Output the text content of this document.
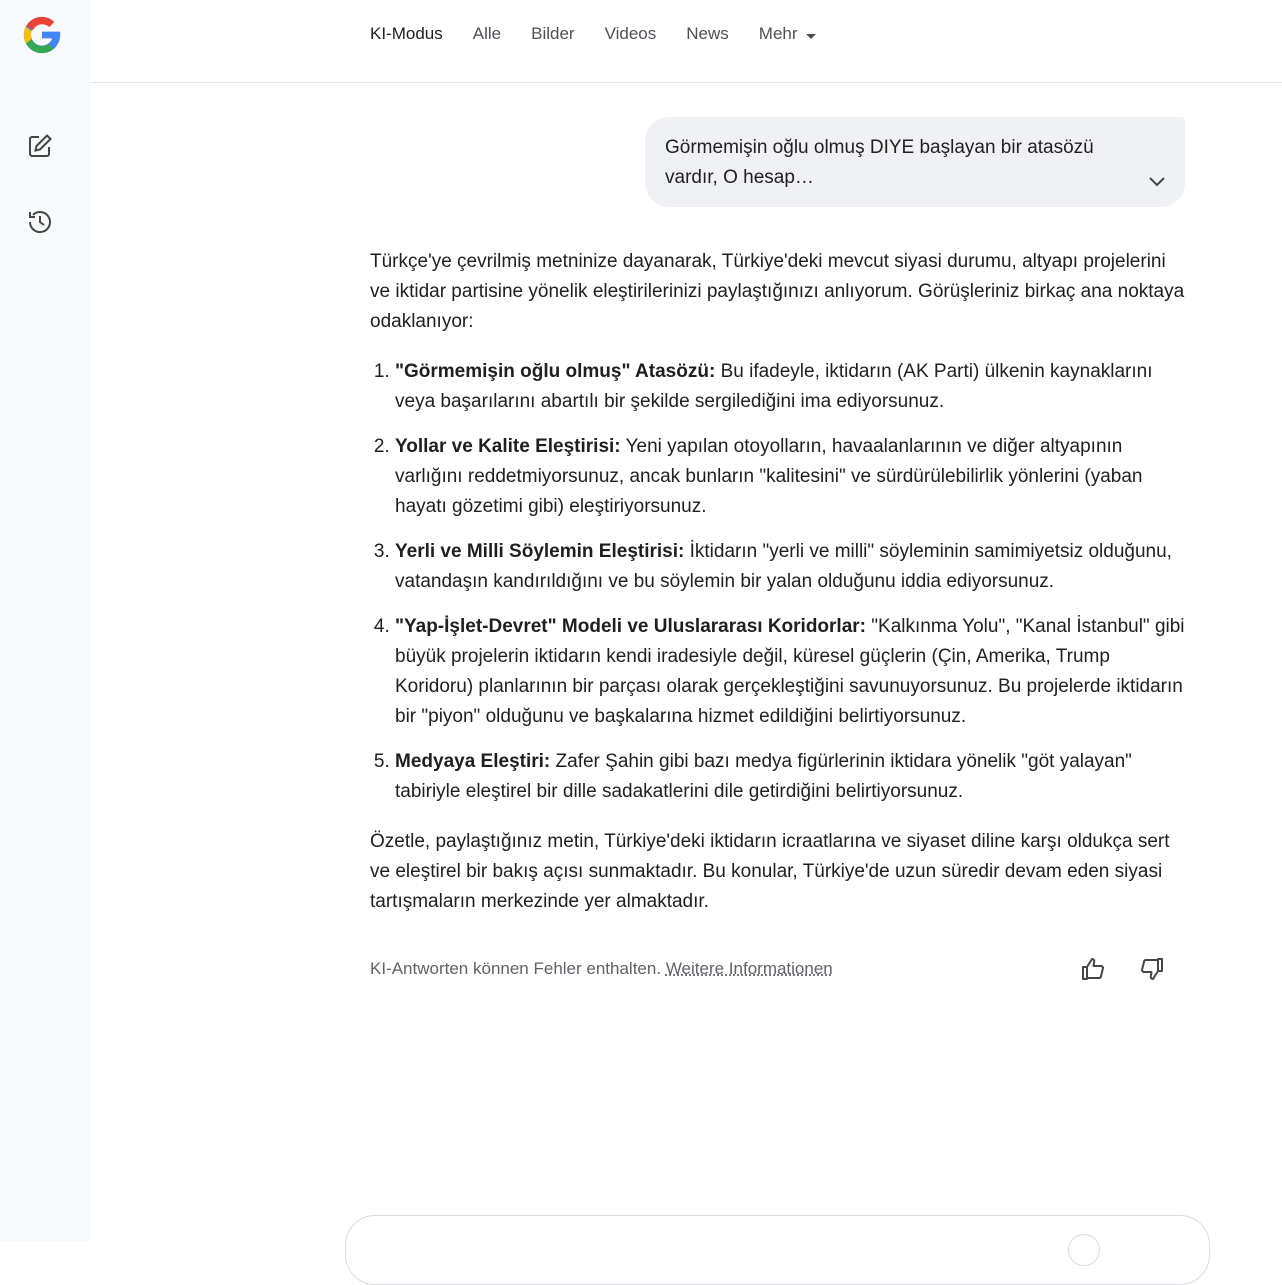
KI-Modus Alle Bilder Videos News Mehr
Görmemişin oğlu olmuş DIYE başlayan bir atasözü
vardır, O hesap…

Türkçe'ye çevrilmiş metninize dayanarak, Türkiye'deki mevcut siyasi durumu, altyapı projelerini ve iktidar partisine yönelik eleştirilerinizi paylaştığınızı anlıyorum. Görüşleriniz birkaç ana noktaya odaklanıyor:

1. "Görmemişin oğlu olmuş" Atasözü: Bu ifadeyle, iktidarın (AK Parti) ülkenin kaynaklarını veya başarılarını abartılı bir şekilde sergilediğini ima ediyorsunuz.
2. Yollar ve Kalite Eleştirisi: Yeni yapılan otoyolların, havaalanlarının ve diğer altyapının varlığını reddetmiyorsunuz, ancak bunların "kalitesini" ve sürdürülebilirlik yönlerini (yaban hayatı gözetimi gibi) eleştiriyorsunuz.
3. Yerli ve Milli Söylemin Eleştirisi: İktidarın "yerli ve milli" söyleminin samimiyetsiz olduğunu, vatandaşın kandırıldığını ve bu söylemin bir yalan olduğunu iddia ediyorsunuz.
4. "Yap-İşlet-Devret" Modeli ve Uluslararası Koridorlar: "Kalkınma Yolu", "Kanal İstanbul" gibi büyük projelerin iktidarın kendi iradesiyle değil, küresel güçlerin (Çin, Amerika, Trump Koridoru) planlarının bir parçası olarak gerçekleştiğini savunuyorsunuz. Bu projelerde iktidarın bir "piyon" olduğunu ve başkalarına hizmet edildiğini belirtiyorsunuz.
5. Medyaya Eleştiri: Zafer Şahin gibi bazı medya figürlerinin iktidara yönelik "göt yalayan" tabiriyle eleştirel bir dille sadakatlerini dile getirdiğini belirtiyorsunuz.

Özetle, paylaştığınız metin, Türkiye'deki iktidarın icraatlarına ve siyaset diline karşı oldukça sert ve eleştirel bir bakış açısı sunmaktadır. Bu konular, Türkiye'de uzun süredir devam eden siyasi tartışmaların merkezinde yer almaktadır.

KI-Antworten können Fehler enthalten. Weitere Informationen
